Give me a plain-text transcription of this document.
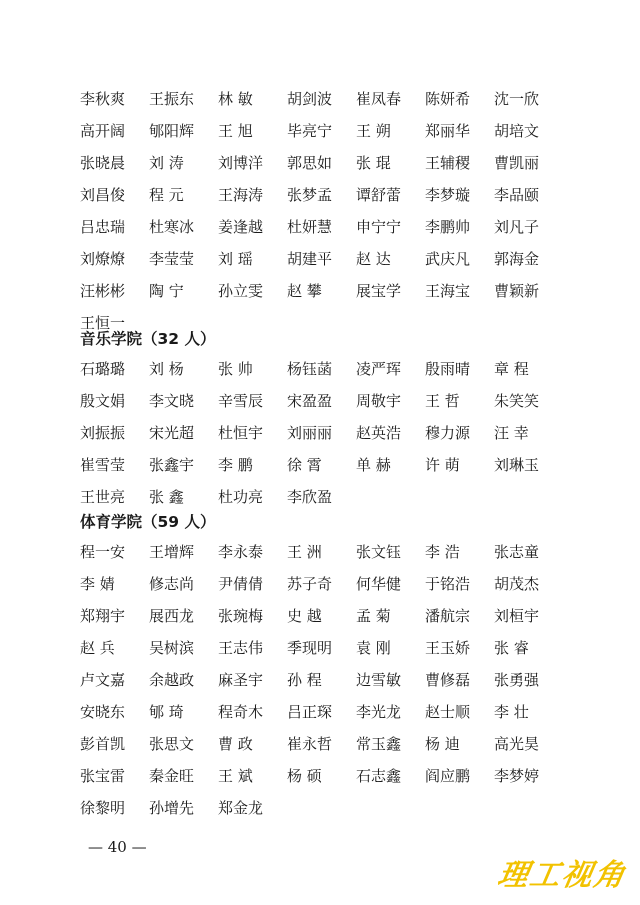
李秋爽	王振东	林 敏	胡剑波	崔凤春	陈妍希	沈一欣
高开阔	郇阳辉	王 旭	毕亮宁	王 朔	郑丽华	胡培文
张晓晨	刘 涛	刘博洋	郭思如	张 琨	王辅稷	曹凯丽
刘昌俊	程 元	王海涛	张梦孟	谭舒蕾	李梦璇	李品颐
吕忠瑞	杜寒冰	姜逢越	杜妍慧	申宁宁	李鹏帅	刘凡子
刘燎燎	李莹莹	刘 瑶	胡建平	赵 达	武庆凡	郭海金
汪彬彬	陶 宁	孙立雯	赵 攀	展宝学	王海宝	曹颖新
王恒一
音乐学院（32 人）
石璐璐	刘 杨	张 帅	杨钰菡	凌严珲	殷雨晴	章 程
殷文娟	李文晓	辛雪辰	宋盈盈	周敬宇	王 哲	朱笑笑
刘振振	宋光超	杜恒宇	刘丽丽	赵英浩	穆力源	汪 幸
崔雪莹	张鑫宇	李 鹏	徐 霄	单 赫	许 萌	刘琳玉
王世亮	张 鑫	杜功亮	李欣盈
体育学院（59 人）
程一安	王增辉	李永泰	王 洲	张文钰	李 浩	张志童
李 婧	修志尚	尹倩倩	苏子奇	何华健	于铭浩	胡茂杰
郑翔宇	展西龙	张琬梅	史 越	孟 菊	潘航宗	刘桓宇
赵 兵	吴树滨	王志伟	季现明	袁 刚	王玉娇	张 睿
卢文嘉	余越政	麻圣宇	孙 程	边雪敏	曹修磊	张勇强
安晓东	郇 琦	程奇木	吕正琛	李光龙	赵士顺	李 壮
彭首凯	张思文	曹 政	崔永哲	常玉鑫	杨 迪	高光昊
张宝雷	秦金旺	王 斌	杨 硕	石志鑫	阎应鹏	李梦婷
徐黎明	孙增先	郑金龙
— 40 —
理工视角
